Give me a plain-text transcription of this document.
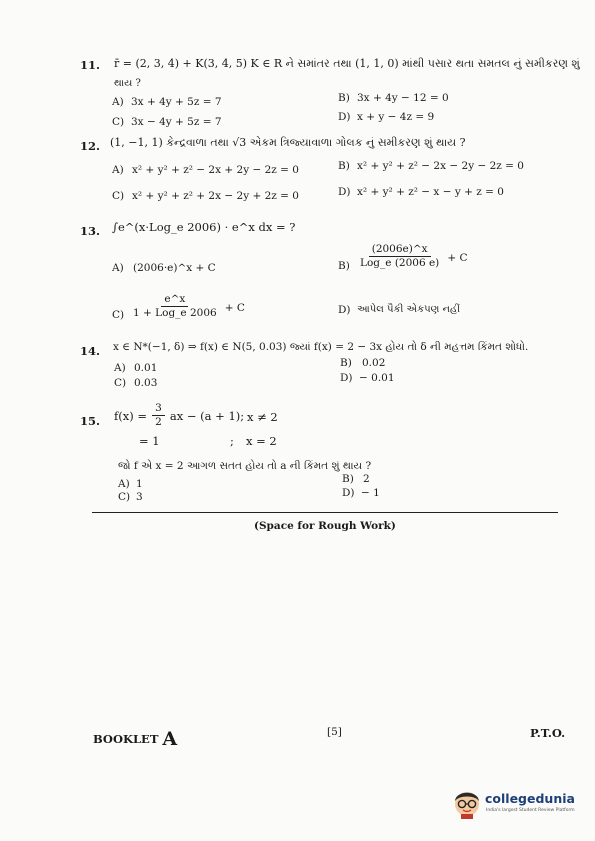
11. r̄ = (2, 3, 4) + K(3, 4, 5) K ∈ R ને સમાંતર તથા (1, 1, 0) માંથી પસાર થતા સમતલ નું સમીકરણ શું
થાય ?
A) 3x + 4y + 5z = 7	B) 3x + 4y − 12 = 0
C) 3x − 4y + 5z = 7	D) x + y − 4z = 9
12. (1, −1, 1) કેન્દ્રવાળા તથા √3 એકમ ત્રિજ્યાવાળા ગોલક નું સમીકરણ શું થાય ?
A) x² + y² + z² − 2x + 2y − 2z = 0	B) x² + y² + z² − 2x − 2y − 2z = 0
C) x² + y² + z² + 2x − 2y + 2z = 0	D) x² + y² + z² − x − y + z = 0
13. ∫e^(x·Log_e 2006) · e^x dx = ?
A) (2006·e)^x + C	$B) \frac{(2006e)\^{}x}{\text{Log\_e (2006 e)}} + C$
$C) \frac{e\^{}x}{\text{1 + Log\_e 2006}} + C$	D) આપેલ પૈકી એકપણ નહીં
14. x ∈ N*(−1, δ) ⇒ f(x) ∈ N(5, 0.03) જ્યાં f(x) = 2 − 3x હોય તો δ ની મહત્તમ કિંમત શોધો.
A) 0.01	B) 0.02
C) 0.03	D) − 0.01
15. $f(x) = \frac{3}{2}$ ax − (a + 1); x ≠ 2
= 1	; x = 2
જો f એ x = 2 આગળ સતત હોય તો a ની કિંમત શું થાય ?
A) 1	B) 2
C) 3	D) − 1
(Space for Rough Work)
BOOKLET A	[5]	P.T.O.
collegedunia
India's largest Student Review Platform
